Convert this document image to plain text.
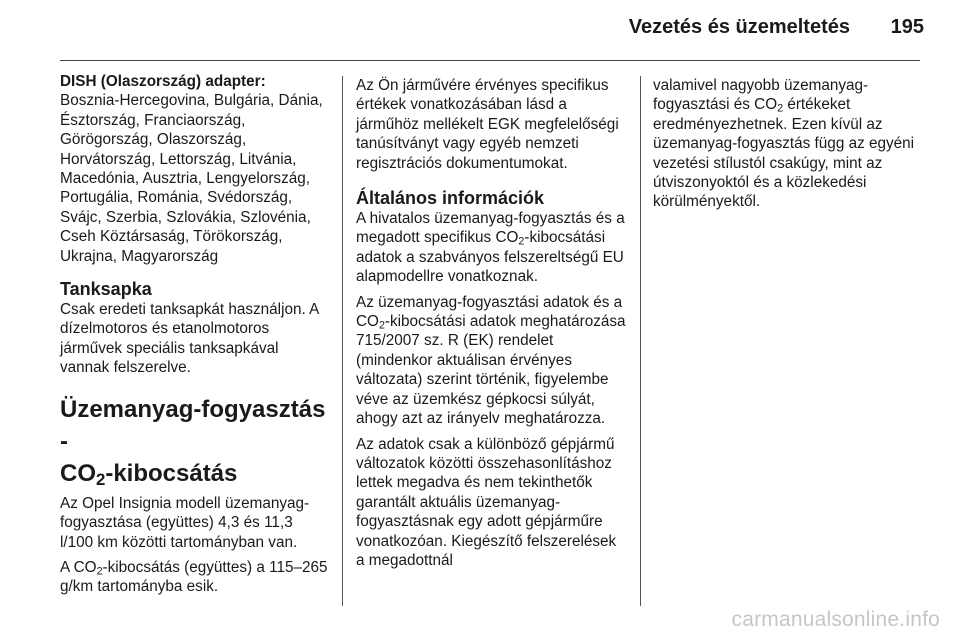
Vezetés és üzemeltetés	195
DISH (Olaszország) adapter:

Bosznia-Hercegovina, Bulgária, Dánia, Észtország, Franciaország, Görögország, Olaszország, Horvátország, Lettország, Litvánia, Macedónia, Ausztria, Lengyelország, Portugália, Románia, Svédország, Svájc, Szerbia, Szlovákia, Szlovénia, Cseh Köztársaság, Törökország, Ukrajna, Magyarország

Tanksapka

Csak eredeti tanksapkát használjon. A dízelmotoros és etanolmotoros járművek speciális tanksapkával vannak felszerelve.

Üzemanyag-fogyasztás -
$CO_2$-kibocsátás

Az Opel Insignia modell üzemanyag-fogyasztása (együttes) 4,3 és 11,3 l/100 km közötti tartományban van.

A $CO_2$-kibocsátás (együttes) a 115–265 g/km tartományba esik.

Az Ön járművére érvényes specifikus értékek vonatkozásában lásd a járműhöz mellékelt EGK megfelelőségi tanúsítványt vagy egyéb nemzeti regisztrációs dokumentumokat.

Általános információk

A hivatalos üzemanyag-fogyasztás és a megadott specifikus $CO_2$-kibocsátási adatok a szabványos felszereltségű EU alapmodellre vonatkoznak.

Az üzemanyag-fogyasztási adatok és a $CO_2$-kibocsátási adatok meghatározása 715/2007 sz. R (EK) rendelet (mindenkor aktuálisan érvényes változata) szerint történik, figyelembe véve az üzemkész gépkocsi súlyát, ahogy azt az irányelv meghatározza.

Az adatok csak a különböző gépjármű változatok közötti összehasonlításhoz lettek megadva és nem tekinthetők garantált aktuális üzemanyag-fogyasztásnak egy adott gépjárműre vonatkozóan. Kiegészítő felszerelések a megadottnál

valamivel nagyobb üzemanyag-fogyasztási és $CO_2$ értékeket eredményezhetnek. Ezen kívül az üzemanyag-fogyasztás függ az egyéni vezetési stílustól csakúgy, mint az útviszonyoktól és a közlekedési körülményektől.

carmanualsonline.info
